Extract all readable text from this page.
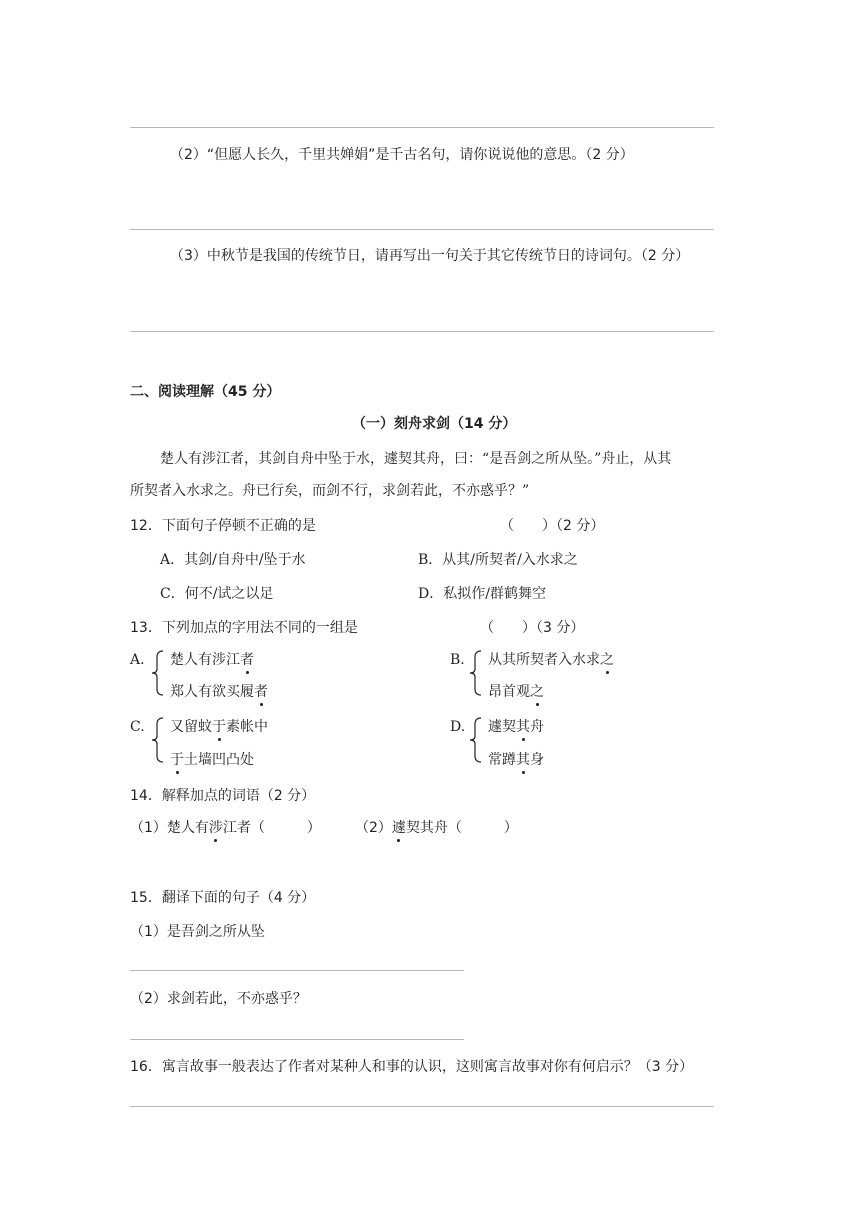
（2）“但愿人长久，千里共婵娟”是千古名句，请你说说他的意思。（2 分）
（3）中秋节是我国的传统节日，请再写出一句关于其它传统节日的诗词句。（2 分）
二、阅读理解（45 分）
（一）刻舟求剑（14 分）
楚人有涉江者，其剑自舟中坠于水，遽契其舟，曰：“是吾剑之所从坠。”舟止，从其
所契者入水求之。舟已行矣，而剑不行，求剑若此，不亦惑乎？”
12．下面句子停顿不正确的是	（　　）（2 分）
A．其剑/自舟中/坠于水	B．从其/所契者/入水求之
C．何不/试之以足	D．私拟作/群鹤舞空
13．下列加点的字用法不同的一组是	（　　）（3 分）
A. 楚人有涉江者
郑人有欲买履者
B. 从其所契者入水求之
昂首观之
C. 又留蚊于素帐中
于土墙凹凸处
D. 遽契其舟
常蹲其身
14．解释加点的词语（2 分）
（1）楚人有涉江者（　　　） （2）遽契其舟（　　　）
15．翻译下面的句子（4 分）
（1）是吾剑之所从坠
（2）求剑若此，不亦惑乎？
16．寓言故事一般表达了作者对某种人和事的认识，这则寓言故事对你有何启示？（3 分）
